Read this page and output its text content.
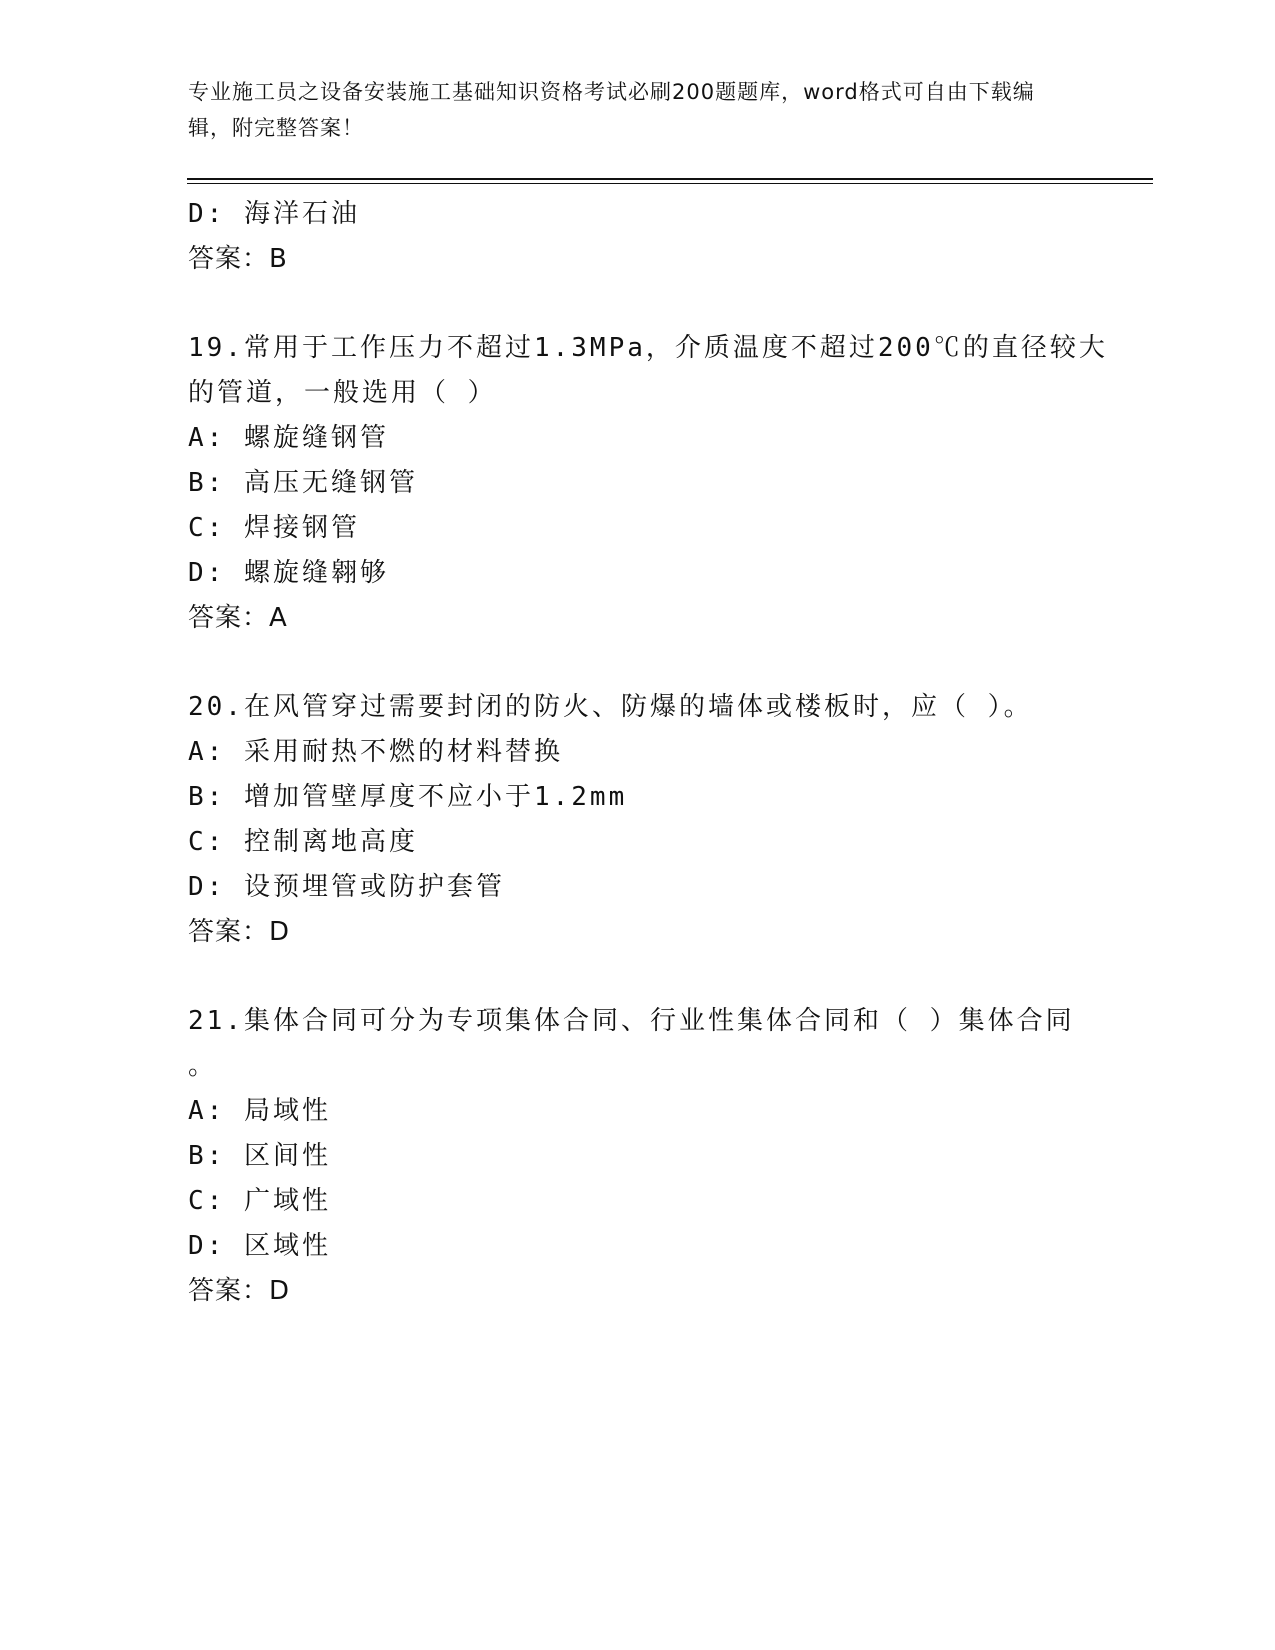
专业施工员之设备安装施工基础知识资格考试必刷200题题库，word格式可自由下载编辑，附完整答案！
D: 海洋石油
答案：B
19.常用于工作压力不超过1.3MPa，介质温度不超过200℃的直径较大
的管道，一般选用（ ）
A: 螺旋缝钢管
B: 高压无缝钢管
C: 焊接钢管
D: 螺旋缝翱够
答案：A
20.在风管穿过需要封闭的防火、防爆的墙体或楼板时，应（ ）。
A: 采用耐热不燃的材料替换
B: 增加管壁厚度不应小于1.2mm
C: 控制离地高度
D: 设预埋管或防护套管
答案：D
21.集体合同可分为专项集体合同、行业性集体合同和（ ）集体合同
。
A: 局域性
B: 区间性
C: 广域性
D: 区域性
答案：D
